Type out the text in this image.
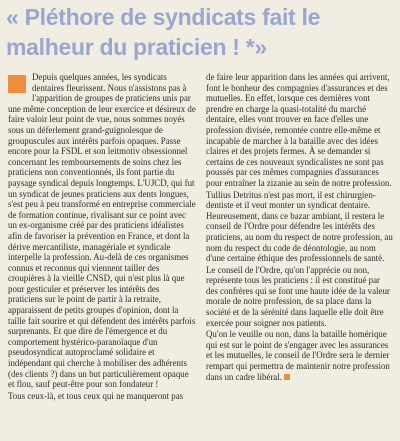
« Pléthore de syndicats fait le malheur du praticien ! *»

Depuis quelques années, les syndicats dentaires fleurissent. Nous n'assistons pas à l'apparition de groupes de praticiens unis par une même conception de leur exercice et désireux de faire valoir leur point de vue, nous sommes noyés sous un déferlement grand-guignolesque de groupuscules aux intérêts parfois opaques. Passe encore pour la FSDL et son leitmotiv obsessionnel concernant les remboursements de soins chez les praticiens non conventionnés, ils font partie du paysage syndical depuis longtemps. L'UJCD, qui fut un syndicat de jeunes praticiens aux dents longues, s'est peu à peu transformé en entreprise commerciale de formation continue, rivalisant sur ce point avec un ex-organisme créé par des praticiens idéalistes afin de favoriser la prévention en France, et dont la dérive mercantiliste, managériale et syndicale interpelle la profession. Au-delà de ces organismes connus et reconnus qui viennent tailler des croupières à la vieille CNSD, qui n'est plus là que pour gesticuler et préserver les intérêts des praticiens sur le point de partir à la retraite, apparaissent de petits groupes d'opinion, dont la taille fait sourire et qui défendent des intérêts parfois surprenants. Et que dire de l'émergence et du comportement hystérico-paranoïaque d'un pseudosyndicat autoproclamé solidaire et indépendant qui cherche à mobiliser des adhérents (des clients ?) dans un but particulièrement opaque et flou, sauf peut-être pour son fondateur !

Tous ceux-là, et tous ceux qui ne manqueront pas

de faire leur apparition dans les années qui arrivent, font le bonheur des compagnies d'assurances et des mutuelles. En effet, lorsque ces dernières vont prendre en charge la quasi-totalité du marché dentaire, elles vont trouver en face d'elles une profession divisée, remontée contre elle-même et incapable de marcher à la bataille avec des idées claires et des projets fermes. À se demander si certains de ces nouveaux syndicalistes ne sont pas poussés par ces mêmes compagnies d'assurances pour entraîner la zizanie au sein de notre profession.

Tullius Detritus n'est pas mort, il est chirurgien-dentiste et il veut monter un syndicat dentaire. Heureusement, dans ce bazar ambiant, il restera le conseil de l'Ordre pour défendre les intérêts des praticiens, au nom du respect de notre profession, au nom du respect du code de déontologie, au nom d'une certaine éthique des professionnels de santé.

Le conseil de l'Ordre, qu'on l'apprécie ou non, représente tous les praticiens : il est constitué par des confrères qui se font une haute idée de la valeur morale de notre profession, de sa place dans la société et de la sérénité dans laquelle elle doit être exercée pour soigner nos patients.

Qu'on le veuille ou non, dans la bataille homérique qui est sur le point de s'engager avec les assurances et les mutuelles, le conseil de l'Ordre sera le dernier rempart qui permettra de maintenir notre profession dans un cadre libéral.
